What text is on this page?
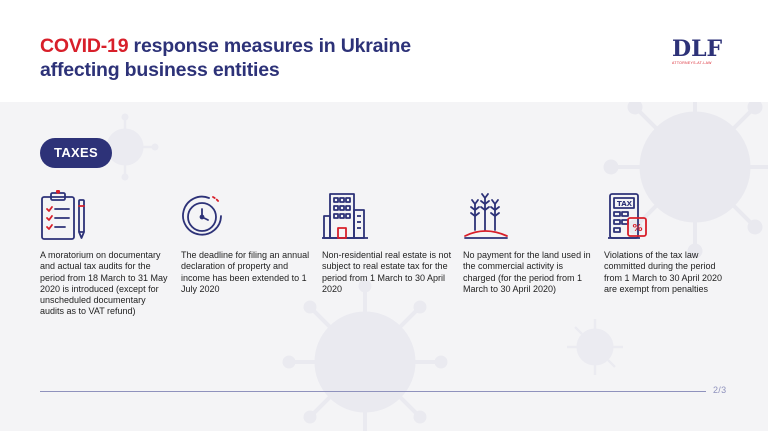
COVID-19 response measures in Ukraine
affecting business entities
DLF
ATTORNEYS-AT-LAW
TAXES
A moratorium on documentary and actual tax audits for the period from 18 March to 31 May 2020 is introduced (except for unscheduled documentary audits as to VAT refund)
The deadline for filing an annual declaration of property and income has been extended to 1 July 2020
Non-residential real estate is not subject to real estate tax for the period from 1 March to 30 April 2020
No payment for the land used in the commercial activity is charged (for the period from 1 March to 30 April 2020)
TAX
%
Violations of the tax law committed during the period from 1 March to 30 April 2020 are exempt from penalties
2/3
